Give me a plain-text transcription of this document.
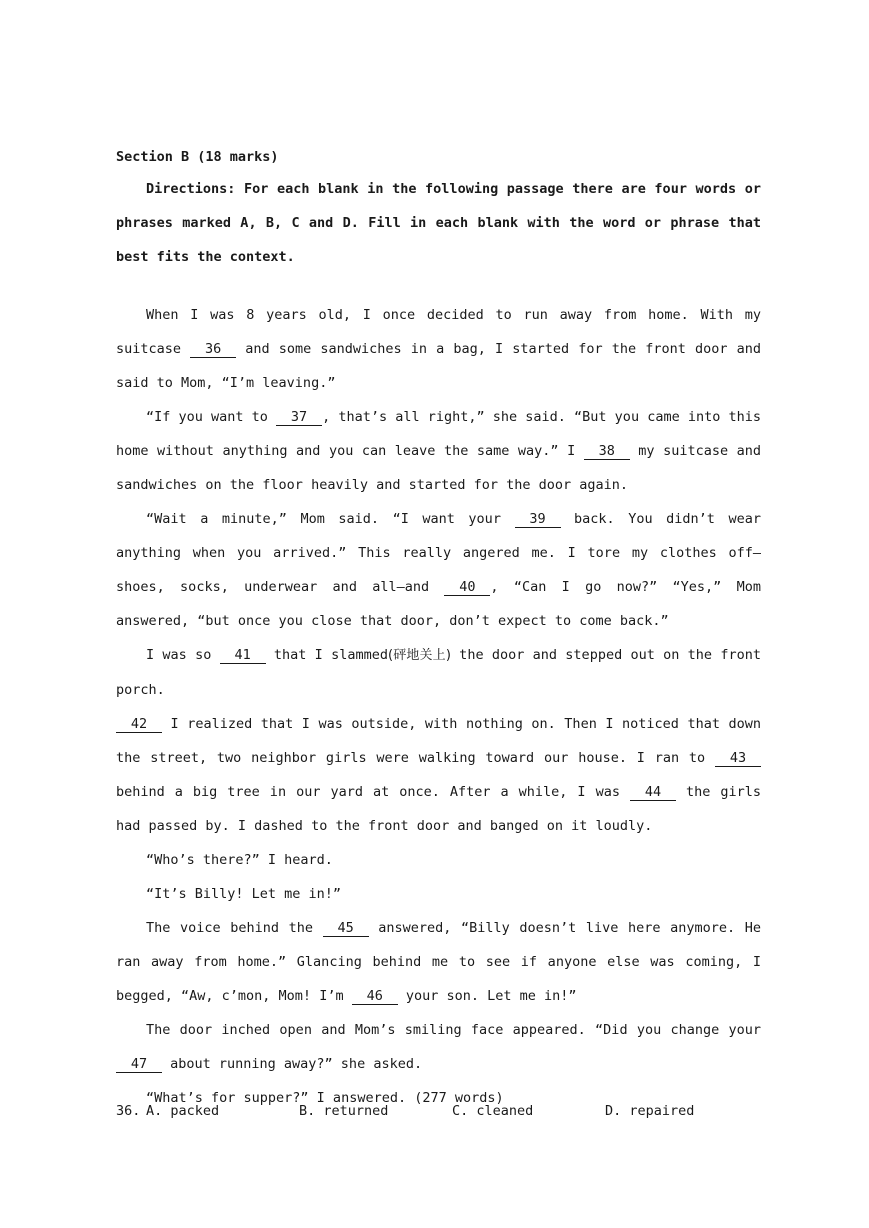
Section B (18 marks)

Directions: For each blank in the following passage there are four words or phrases marked A, B, C and D. Fill in each blank with the word or phrase that best fits the context.

When I was 8 years old, I once decided to run away from home. With my suitcase 36 and some sandwiches in a bag, I started for the front door and said to Mom, “I’m leaving.”

“If you want to 37 , that’s all right,” she said. “But you came into this home without anything and you can leave the same way.” I 38 my suitcase and sandwiches on the floor heavily and started for the door again.

“Wait a minute,” Mom said. “I want your 39 back. You didn’t wear anything when you arrived.” This really angered me. I tore my clothes off—shoes, socks, underwear and all—and 40 , “Can I go now?” “Yes,” Mom answered, “but once you close that door, don’t expect to come back.”

I was so 41 that I slammed(砰地关上) the door and stepped out on the front porch.

42 I realized that I was outside, with nothing on. Then I noticed that down the street, two neighbor girls were walking toward our house. I ran to 43 behind a big tree in our yard at once. After a while, I was 44 the girls had passed by. I dashed to the front door and banged on it loudly.

“Who’s there?” I heard.

“It’s Billy! Let me in!”

The voice behind the 45 answered, “Billy doesn’t live here anymore. He ran away from home.” Glancing behind me to see if anyone else was coming, I begged, “Aw, c’mon, Mom! I’m 46 your son. Let me in!”

The door inched open and Mom’s smiling face appeared. “Did you change your 47 about running away?” she asked.

“What’s for supper?” I answered. (277 words)

36. A. packed	B. returned	C. cleaned	D. repaired
